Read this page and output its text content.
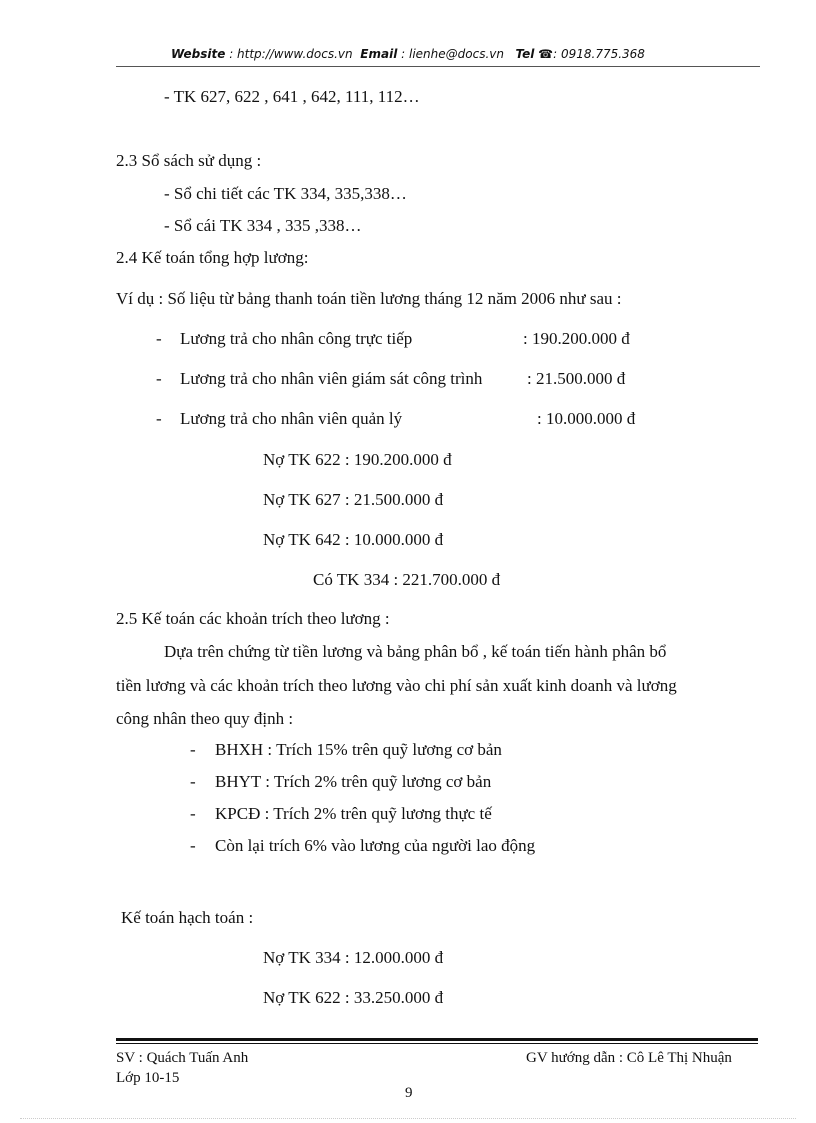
Website : http://www.docs.vn Email : lienhe@docs.vn Tel ☎: 0918.775.368
- TK 627, 622 , 641 , 642, 111, 112…
2.3 Sổ sách sử dụng :
- Sổ chi tiết các TK 334, 335,338…
- Sổ cái TK 334 , 335 ,338…
2.4 Kế toán tổng hợp lương:
Ví dụ : Số liệu từ bảng thanh toán tiền lương tháng 12 năm 2006 như sau :
- Lương trả cho nhân công trực tiếp	: 190.200.000 đ
- Lương trả cho nhân viên giám sát công trình	: 21.500.000 đ
- Lương trả cho nhân viên quản lý	: 10.000.000 đ
Nợ TK 622 : 190.200.000 đ
Nợ TK 627 : 21.500.000 đ
Nợ TK 642 : 10.000.000 đ
Có TK 334 : 221.700.000 đ
2.5 Kế toán các khoản trích theo lương :
Dựa trên chứng từ tiền lương và bảng phân bổ , kế toán tiến hành phân bổ
tiền lương và các khoản trích theo lương vào chi phí sản xuất kinh doanh và lương
công nhân theo quy định :
- BHXH : Trích 15% trên quỹ lương cơ bản
- BHYT : Trích 2% trên quỹ lương cơ bản
- KPCĐ : Trích 2% trên quỹ lương thực tế
- Còn lại trích 6% vào lương của người lao động
Kế toán hạch toán :
Nợ TK 334 : 12.000.000 đ
Nợ TK 622 : 33.250.000 đ
SV : Quách Tuấn Anh	GV hướng dẫn : Cô Lê Thị Nhuận
Lớp 10-15
9
